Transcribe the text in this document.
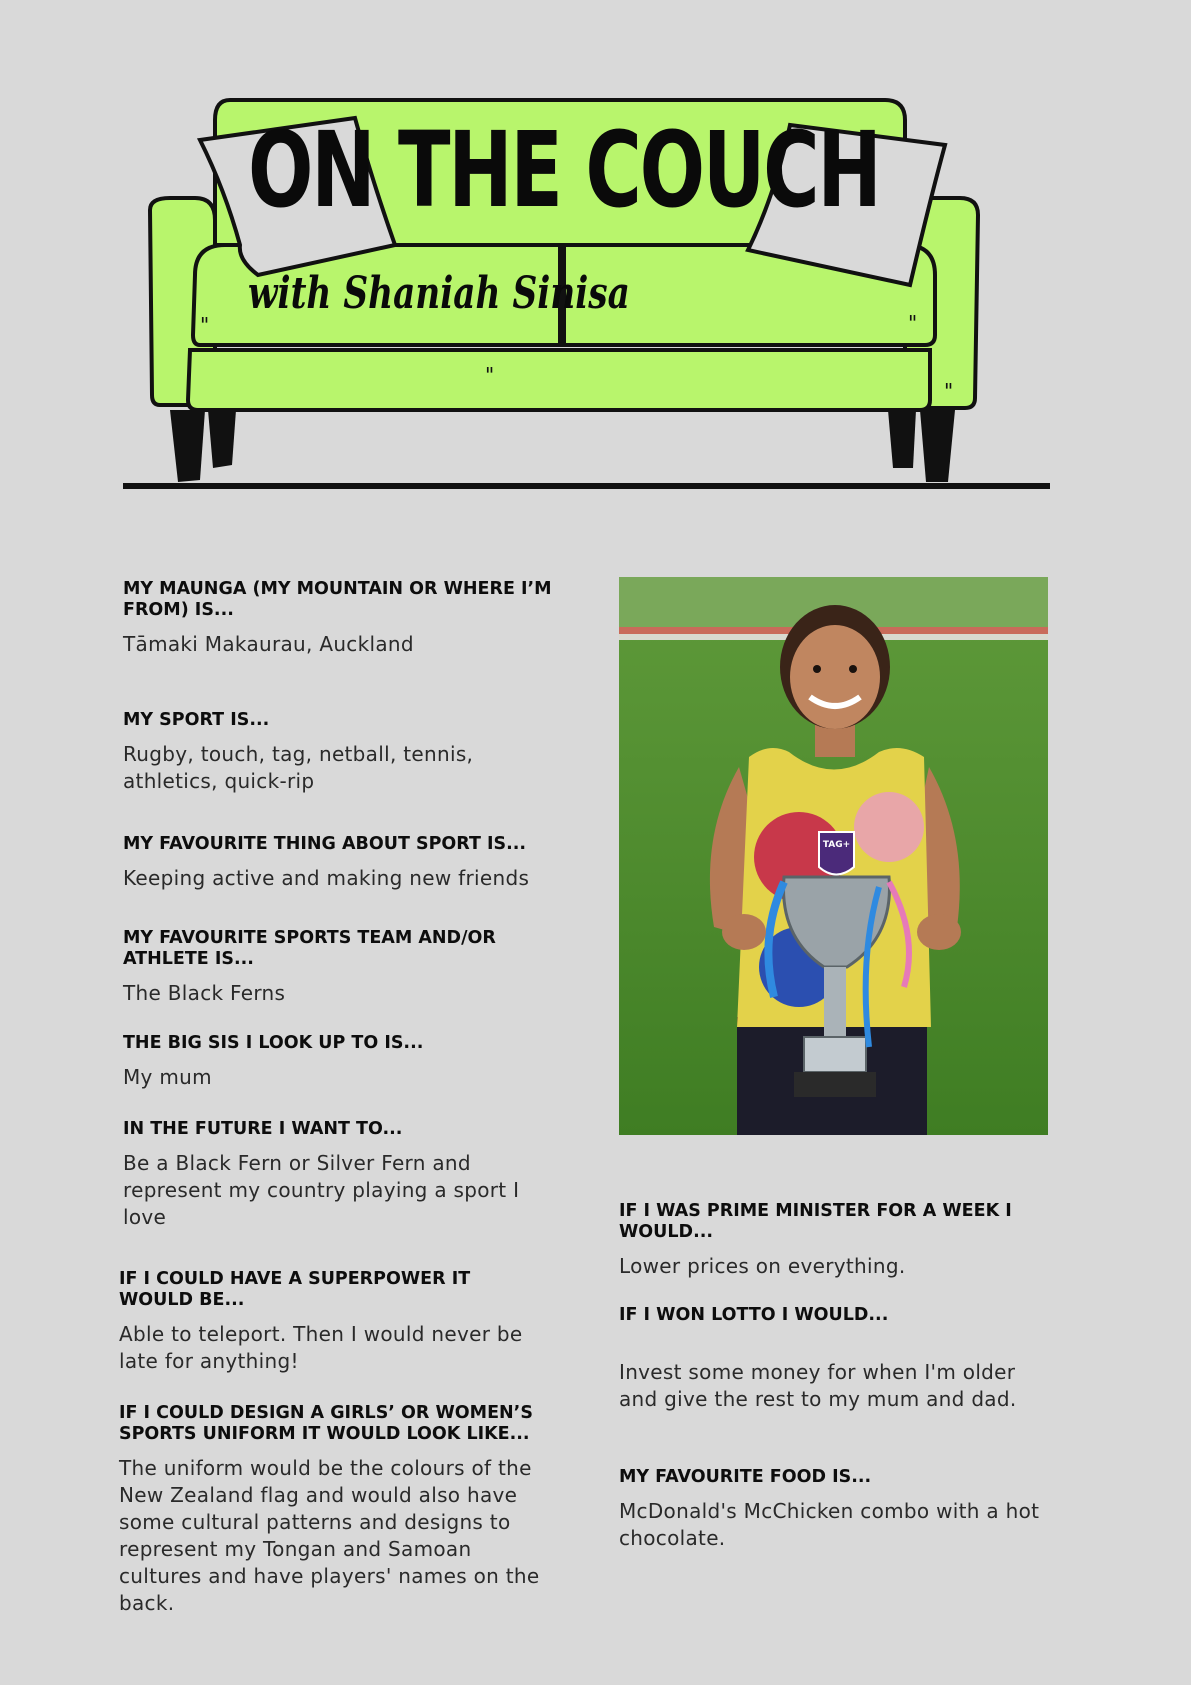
"
"
"
"
ON THE COUCH
with Shaniah Sinisa

MY MAUNGA (MY MOUNTAIN OR WHERE I’M FROM) IS...

Tāmaki Makaurau, Auckland

MY SPORT IS...

Rugby, touch, tag, netball, tennis, athletics, quick-rip

MY FAVOURITE THING ABOUT SPORT IS...

Keeping active and making new friends

MY FAVOURITE SPORTS TEAM AND/OR ATHLETE IS...

The Black Ferns

THE BIG SIS I LOOK UP TO IS...

My mum

IN THE FUTURE I WANT TO...

Be a Black Fern or Silver Fern and represent my country playing a sport I love

IF I COULD HAVE A SUPERPOWER IT WOULD BE...

Able to teleport. Then I would never be late for anything!

IF I COULD DESIGN A GIRLS’ OR WOMEN’S SPORTS UNIFORM IT WOULD LOOK LIKE...

The uniform would be the colours of the New Zealand flag and would also have some cultural patterns and designs to represent my Tongan and Samoan cultures and have players' names on the back.

TAG+

IF I WAS PRIME MINISTER FOR A WEEK I WOULD...

Lower prices on everything.

IF I WON LOTTO I WOULD...

Invest some money for when I'm older and give the rest to my mum and dad.

MY FAVOURITE FOOD IS...

McDonald's McChicken combo with a hot chocolate.
